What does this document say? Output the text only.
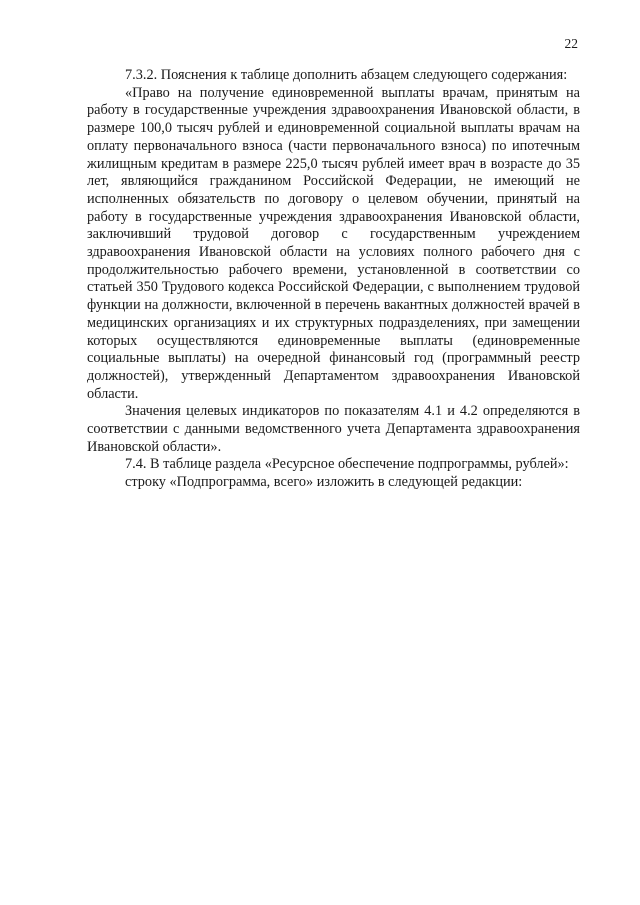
22

7.3.2. Пояснения к таблице дополнить абзацем следующего содержания:

«Право на получение единовременной выплаты врачам, принятым на работу в государственные учреждения здравоохранения Ивановской области, в размере 100,0 тысяч рублей и единовременной социальной выплаты врачам на оплату первоначального взноса (части первоначального взноса) по ипотечным жилищным кредитам в размере 225,0 тысяч рублей имеет врач в возрасте до 35 лет, являющийся гражданином Российской Федерации, не имеющий не исполненных обязательств по договору о целевом обучении, принятый на работу в государственные учреждения здравоохранения Ивановской области, заключивший трудовой договор с государственным учреждением здравоохранения Ивановской области на условиях полного рабочего дня с продолжительностью рабочего времени, установленной в соответствии со статьей 350 Трудового кодекса Российской Федерации, с выполнением трудовой функции на должности, включенной в перечень вакантных должностей врачей в медицинских организациях и их структурных подразделениях, при замещении которых осуществляются единовременные выплаты (единовременные социальные выплаты) на очередной финансовый год (программный реестр должностей), утвержденный Департаментом здравоохранения Ивановской области.

Значения целевых индикаторов по показателям 4.1 и 4.2 определяются в соответствии с данными ведомственного учета Департамента здравоохранения Ивановской области».

7.4. В таблице раздела «Ресурсное обеспечение подпрограммы, рублей»:

строку «Подпрограмма, всего» изложить в следующей редакции:
